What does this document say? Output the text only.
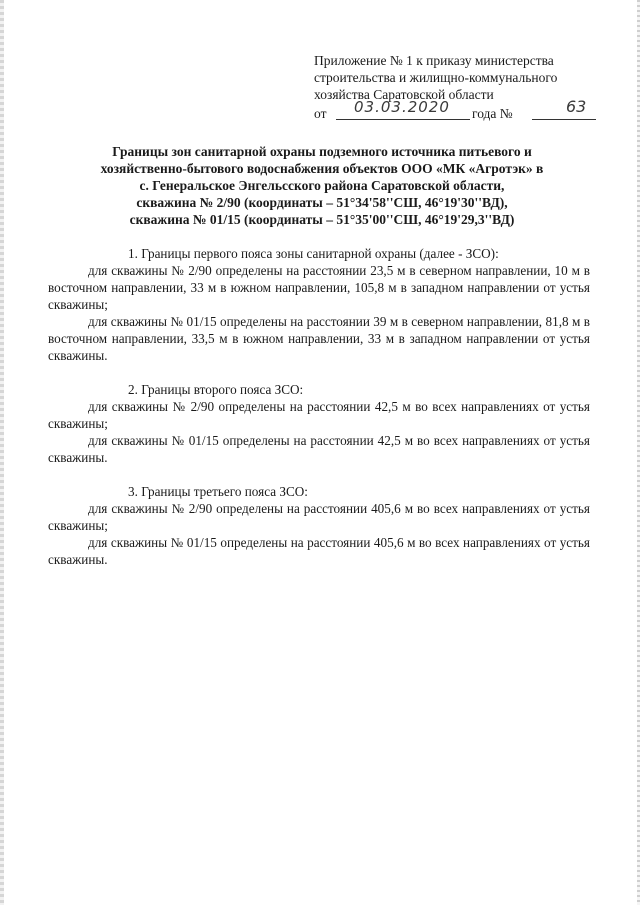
Приложение № 1 к приказу министерства
строительства и жилищно-коммунального
хозяйства Саратовской области
от 03.03.2020 года №	63
Границы зон санитарной охраны подземного источника питьевого и
хозяйственно-бытового водоснабжения объектов ООО «МК «Агротэк» в
с. Генеральское Энгельсского района Саратовской области,
скважина № 2/90 (координаты – 51°34'58''СШ, 46°19'30''ВД),
скважина № 01/15 (координаты – 51°35'00''СШ, 46°19'29,3''ВД)
1. Границы первого пояса зоны санитарной охраны (далее - ЗСО):

для скважины № 2/90 определены на расстоянии 23,5 м в северном направлении, 10 м в восточном направлении, 33 м в южном направлении, 105,8 м в западном направлении от устья скважины;

для скважины № 01/15 определены на расстоянии 39 м в северном направлении, 81,8 м в восточном направлении, 33,5 м в южном направлении, 33 м в западном направлении от устья скважины.

2. Границы второго пояса ЗСО:

для скважины № 2/90 определены на расстоянии 42,5 м во всех направлениях от устья скважины;

для скважины № 01/15 определены на расстоянии 42,5 м во всех направлениях от устья скважины.

3. Границы третьего пояса ЗСО:

для скважины № 2/90 определены на расстоянии 405,6 м во всех направлениях от устья скважины;

для скважины № 01/15 определены на расстоянии 405,6 м во всех направлениях от устья скважины.
